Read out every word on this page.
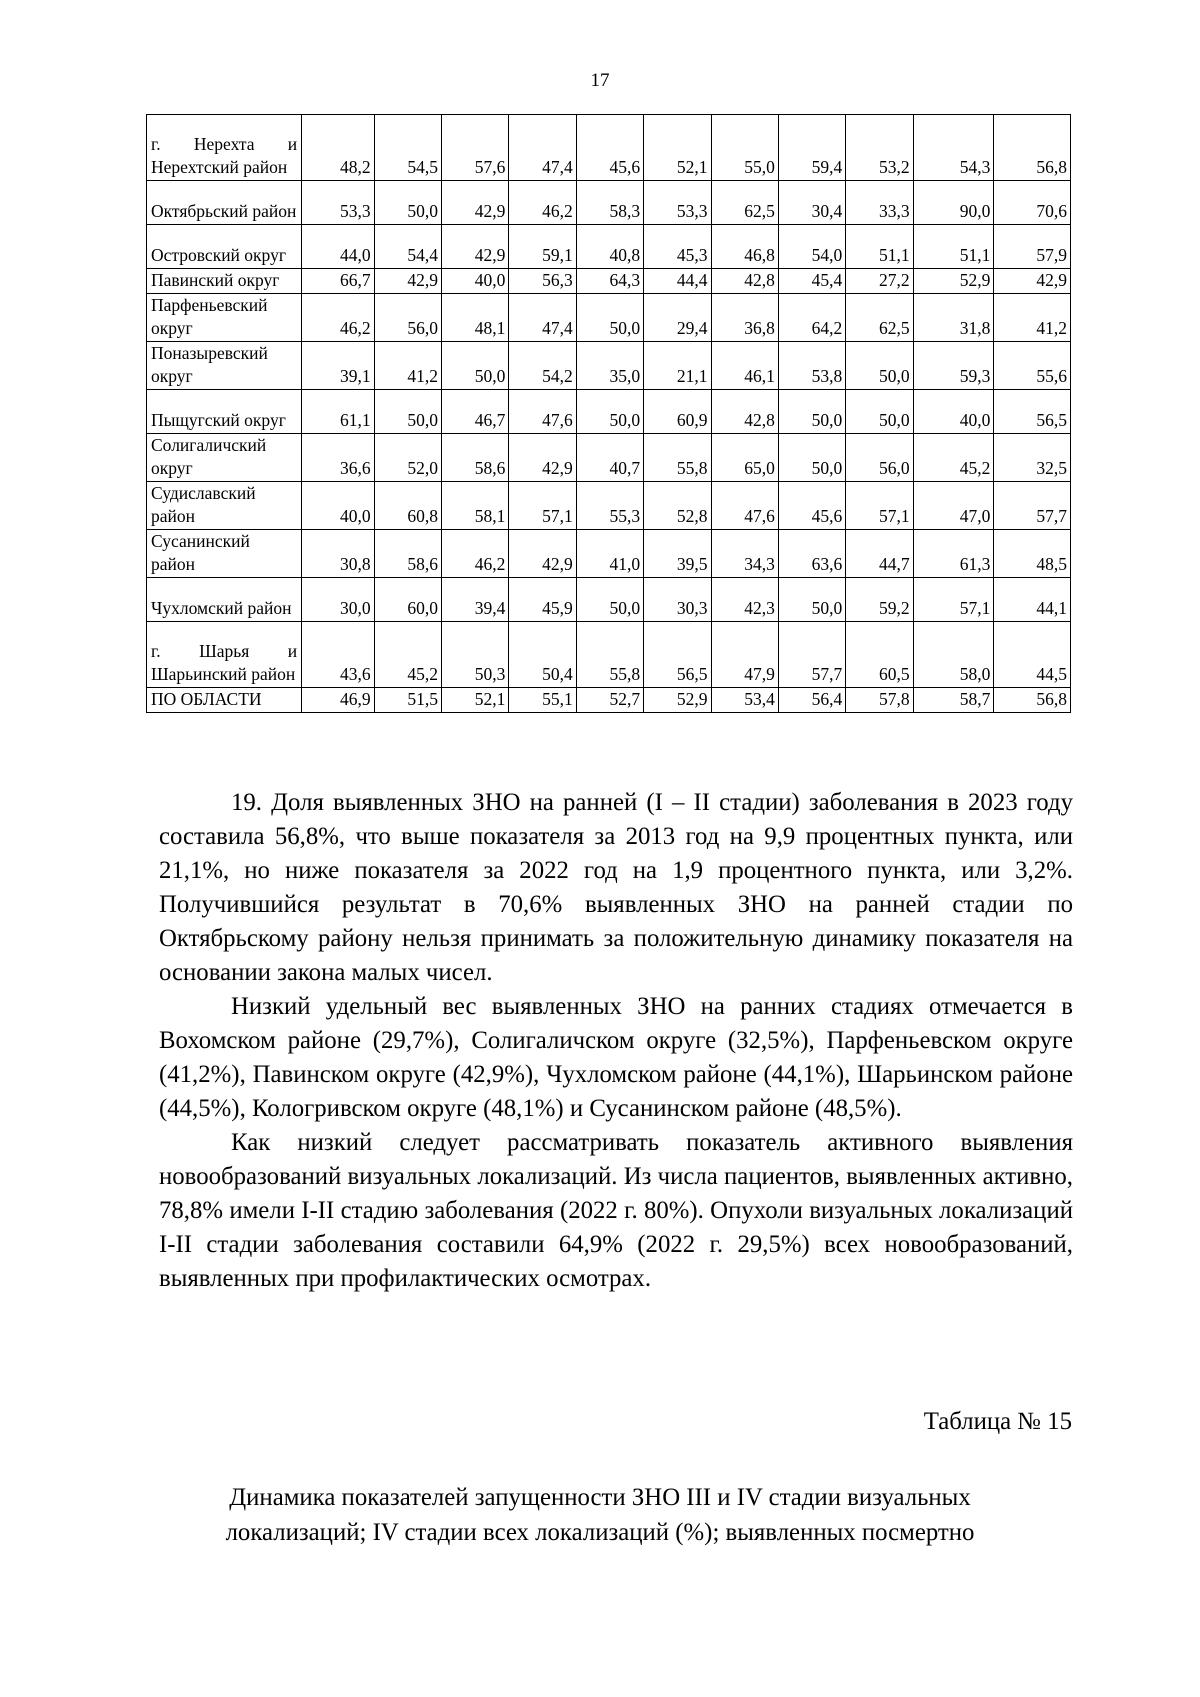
17
г. Нерехта и Нерехтский район	48,2	54,5	57,6	47,4	45,6	52,1	55,0	59,4	53,2	54,3	56,8
Октябрьский район	53,3	50,0	42,9	46,2	58,3	53,3	62,5	30,4	33,3	90,0	70,6
Островский округ	44,0	54,4	42,9	59,1	40,8	45,3	46,8	54,0	51,1	51,1	57,9
Павинский округ	66,7	42,9	40,0	56,3	64,3	44,4	42,8	45,4	27,2	52,9	42,9
Парфеньевский округ	46,2	56,0	48,1	47,4	50,0	29,4	36,8	64,2	62,5	31,8	41,2
Поназыревский округ	39,1	41,2	50,0	54,2	35,0	21,1	46,1	53,8	50,0	59,3	55,6
Пыщугский округ	61,1	50,0	46,7	47,6	50,0	60,9	42,8	50,0	50,0	40,0	56,5
Солигаличский округ	36,6	52,0	58,6	42,9	40,7	55,8	65,0	50,0	56,0	45,2	32,5
Судиславский район	40,0	60,8	58,1	57,1	55,3	52,8	47,6	45,6	57,1	47,0	57,7
Сусанинский район	30,8	58,6	46,2	42,9	41,0	39,5	34,3	63,6	44,7	61,3	48,5
Чухломский район	30,0	60,0	39,4	45,9	50,0	30,3	42,3	50,0	59,2	57,1	44,1
г. Шарья и Шарьинский район	43,6	45,2	50,3	50,4	55,8	56,5	47,9	57,7	60,5	58,0	44,5
ПО ОБЛАСТИ	46,9	51,5	52,1	55,1	52,7	52,9	53,4	56,4	57,8	58,7	56,8

19. Доля выявленных ЗНО на ранней (I – II стадии) заболевания в 2023 году составила 56,8%, что выше показателя за 2013 год на 9,9 процентных пункта, или 21,1%, но ниже показателя за 2022 год на 1,9 процентного пункта, или 3,2%. Получившийся результат в 70,6% выявленных ЗНО на ранней стадии по Октябрьскому району нельзя принимать за положительную динамику показателя на основании закона малых чисел.

Низкий удельный вес выявленных ЗНО на ранних стадиях отмечается в Вохомском районе (29,7%), Солигаличском округе (32,5%), Парфеньевском округе (41,2%), Павинском округе (42,9%), Чухломском районе (44,1%), Шарьинском районе (44,5%), Кологривском округе (48,1%) и Сусанинском районе (48,5%).

Как низкий следует рассматривать показатель активного выявления новообразований визуальных локализаций. Из числа пациентов, выявленных активно, 78,8% имели I-II стадию заболевания (2022 г. 80%). Опухоли визуальных локализаций I-II стадии заболевания составили 64,9% (2022 г. 29,5%) всех новообразований, выявленных при профилактических осмотрах.

Таблица № 15
Динамика показателей запущенности ЗНО III и IV стадии визуальных
локализаций; IV стадии всех локализаций (%); выявленных посмертно
